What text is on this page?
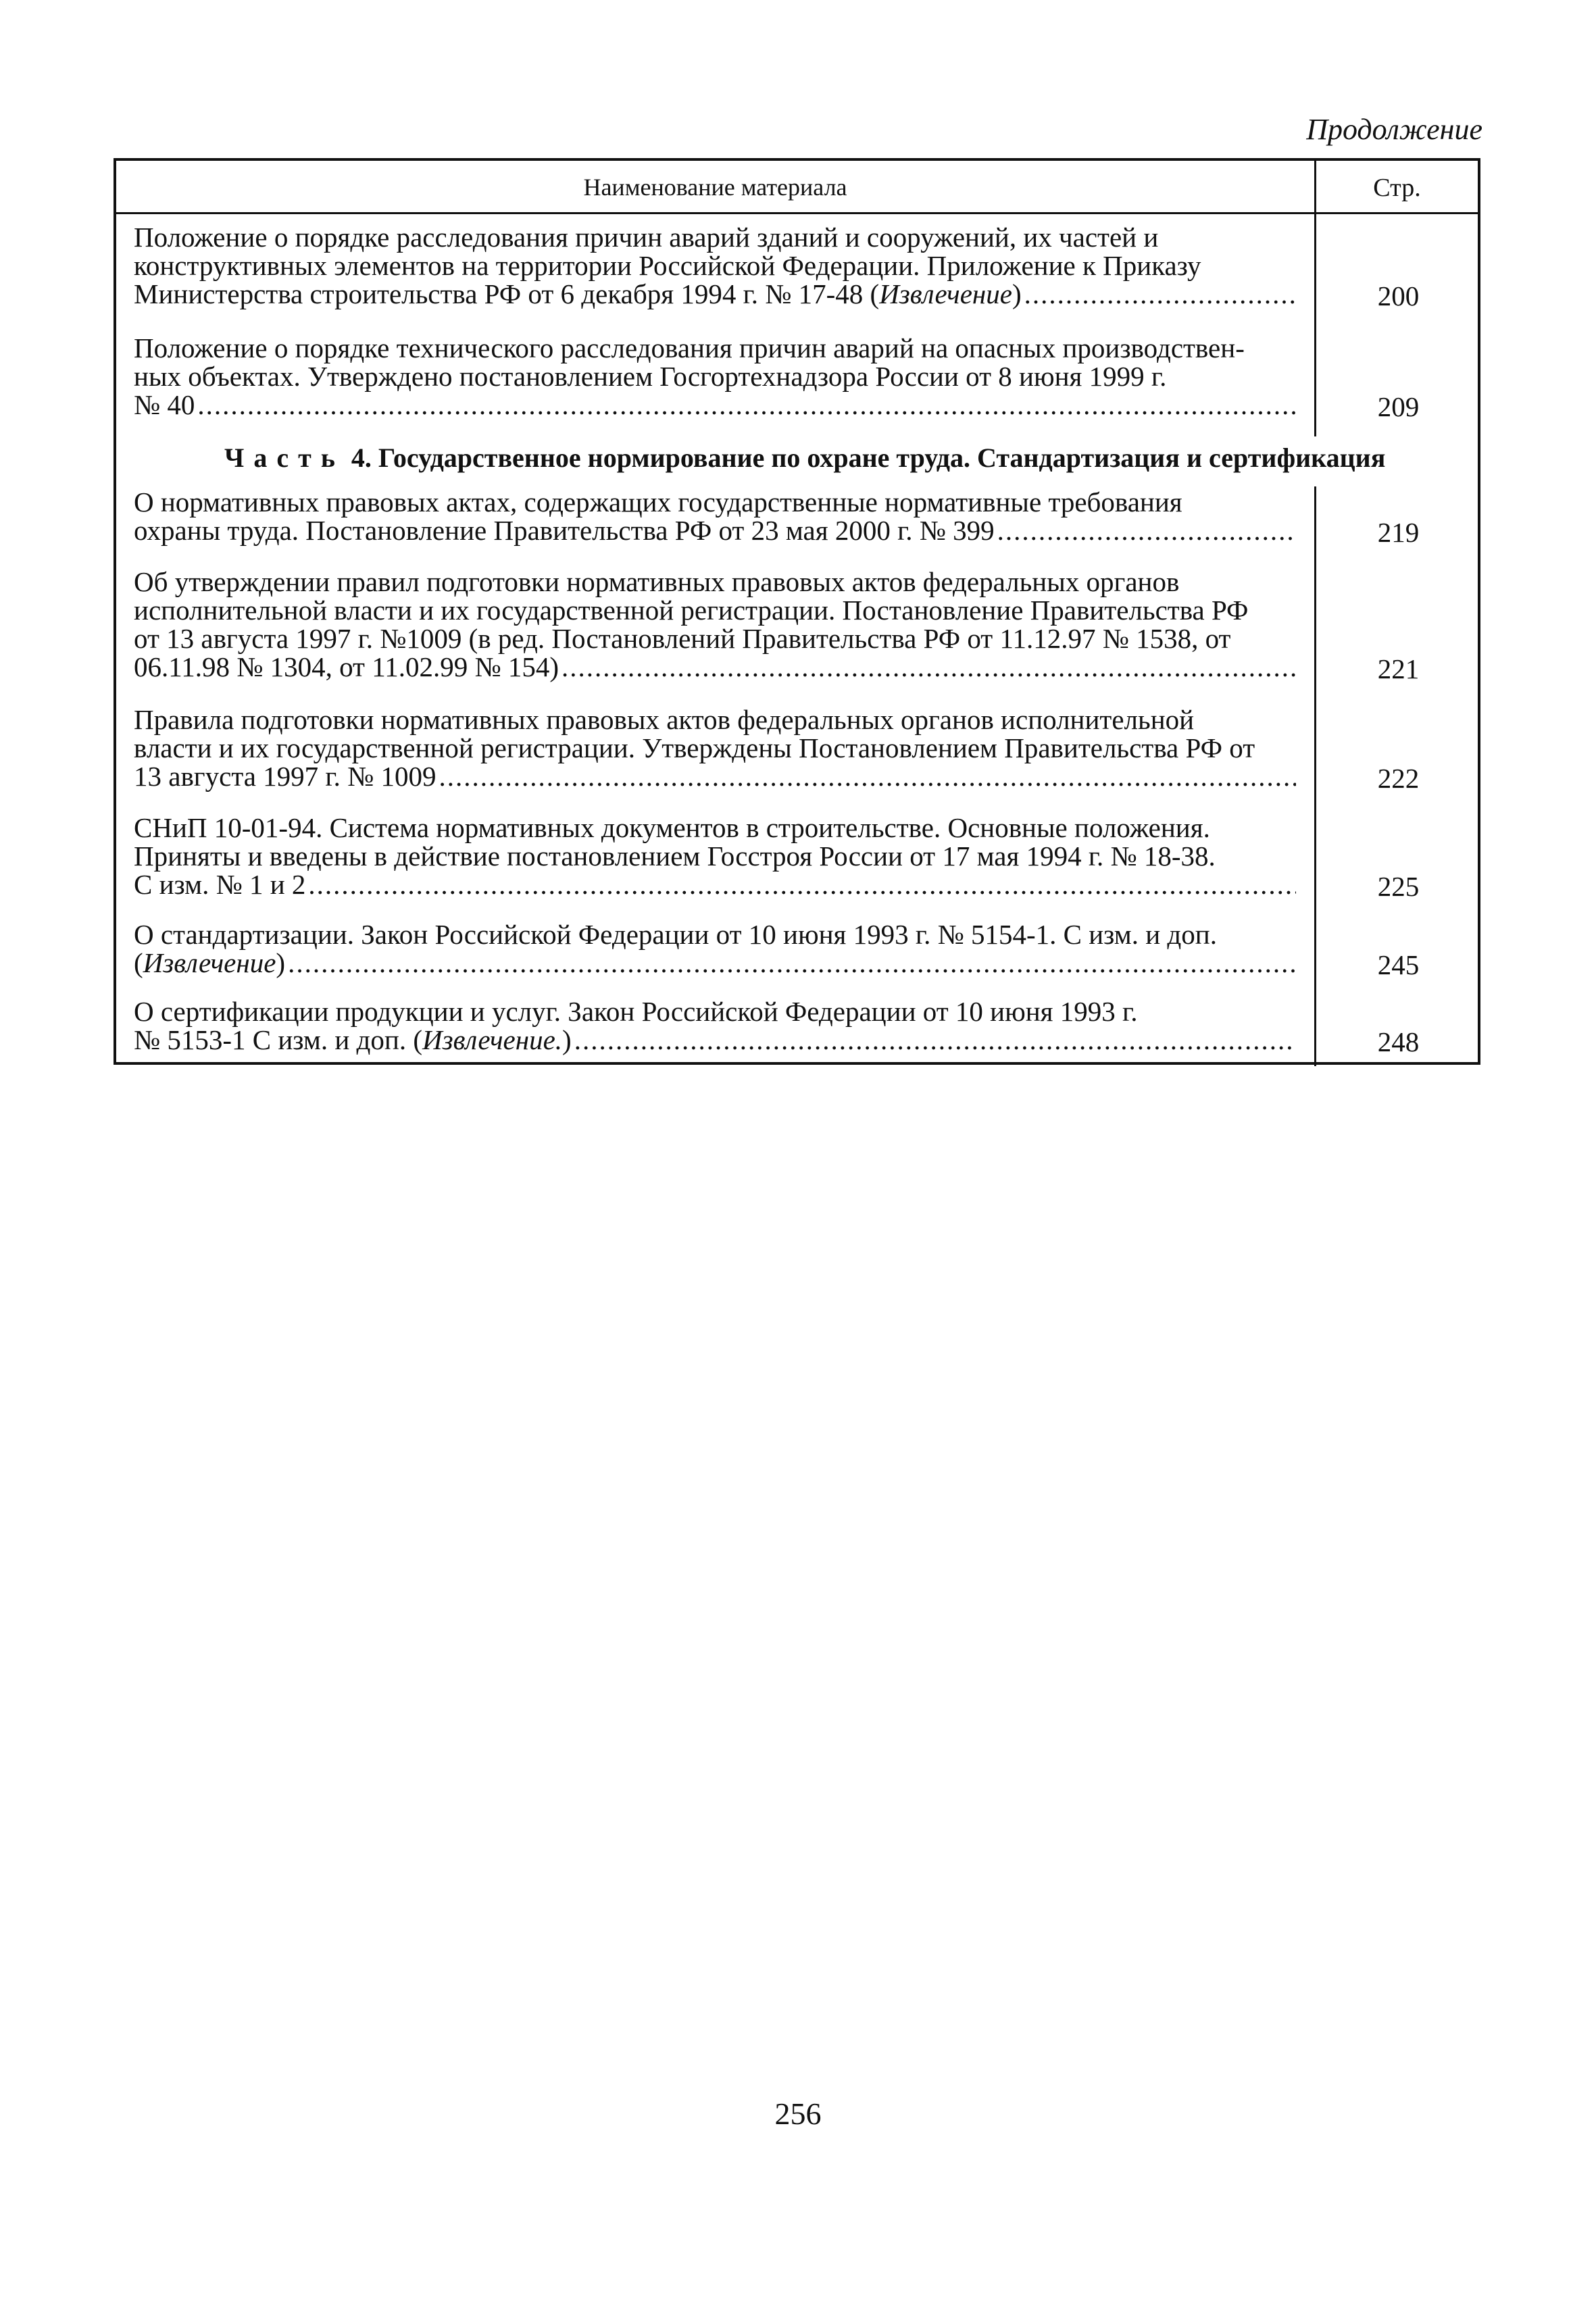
Продолжение
Наименование материала	Стр.
Положение о порядке расследования причин аварий зданий и сооружений, их частей и
конструктивных элементов на территории Российской Федерации. Приложение к Приказу
Министерства строительства РФ от 6 декабря 1994 г. № 17-48 ( Извлечение ) .....	200
Положение о порядке технического расследования причин аварий на опасных производствен-
ных объектах. Утверждено постановлением Госгортехнадзора России от 8 июня 1999 г.
№ 40 .....	209
Часть 4. Государственное нормирование по охране труда. Стандартизация и сертификация
О нормативных правовых актах, содержащих государственные нормативные требования
охраны труда. Постановление Правительства РФ от 23 мая 2000 г. № 399 .....	219
Об утверждении правил подготовки нормативных правовых актов федеральных органов
исполнительной власти и их государственной регистрации. Постановление Правительства РФ
от 13 августа 1997 г. №1009 (в ред. Постановлений Правительства РФ от 11.12.97 № 1538, от
06.11.98 № 1304, от 11.02.99 № 154) .....	221
Правила подготовки нормативных правовых актов федеральных органов исполнительной
власти и их государственной регистрации. Утверждены Постановлением Правительства РФ от
13 августа 1997 г. № 1009 .....	222
СНиП 10-01-94. Система нормативных документов в строительстве. Основные положения.
Приняты и введены в действие постановлением Госстроя России от 17 мая 1994 г. № 18-38.
С изм. № 1 и 2 .....	225
О стандартизации. Закон Российской Федерации от 10 июня 1993 г. № 5154-1. С изм. и доп.
( Извлечение ) .....	245
О сертификации продукции и услуг. Закон Российской Федерации от 10 июня 1993 г.
№ 5153-1 С изм. и доп. ( Извлечение. ) .....	248
256
